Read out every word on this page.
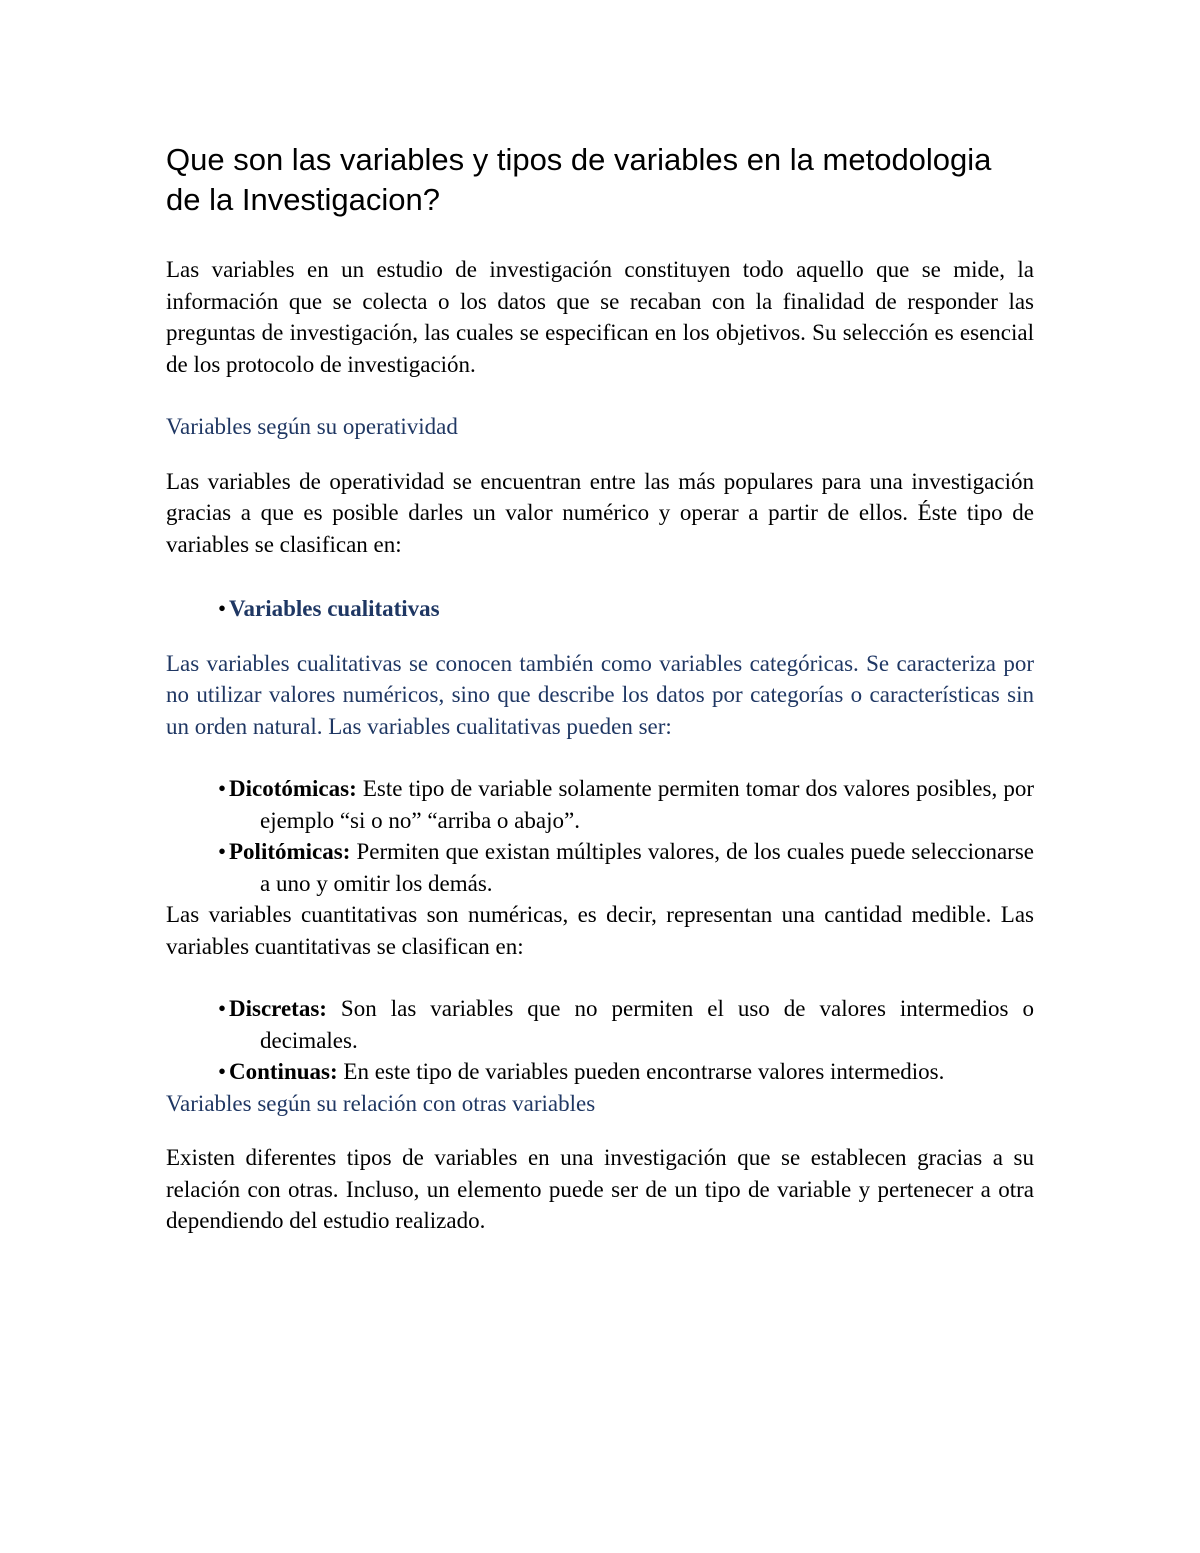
Que son las variables y tipos de variables en la metodologia de la Investigacion?

Las variables en un estudio de investigación constituyen todo aquello que se mide, la información que se colecta o los datos que se recaban con la finalidad de responder las preguntas de investigación, las cuales se especifican en los objetivos. Su selección es esencial de los protocolo de investigación.

Variables según su operatividad

Las variables de operatividad se encuentran entre las más populares para una investigación gracias a que es posible darles un valor numérico y operar a partir de ellos. Éste tipo de variables se clasifican en:

• Variables cualitativas

Las variables cualitativas se conocen también como variables categóricas. Se caracteriza por no utilizar valores numéricos, sino que describe los datos por categorías o características sin un orden natural. Las variables cualitativas pueden ser:

• Dicotómicas: Este tipo de variable solamente permiten tomar dos valores posibles, por ejemplo “si o no” “arriba o abajo”.
• Politómicas: Permiten que existan múltiples valores, de los cuales puede seleccionarse a uno y omitir los demás.

Las variables cuantitativas son numéricas, es decir, representan una cantidad medible. Las variables cuantitativas se clasifican en:

• Discretas: Son las variables que no permiten el uso de valores intermedios o decimales.
• Continuas: En este tipo de variables pueden encontrarse valores intermedios.
Variables según su relación con otras variables

Existen diferentes tipos de variables en una investigación que se establecen gracias a su relación con otras. Incluso, un elemento puede ser de un tipo de variable y pertenecer a otra dependiendo del estudio realizado.
